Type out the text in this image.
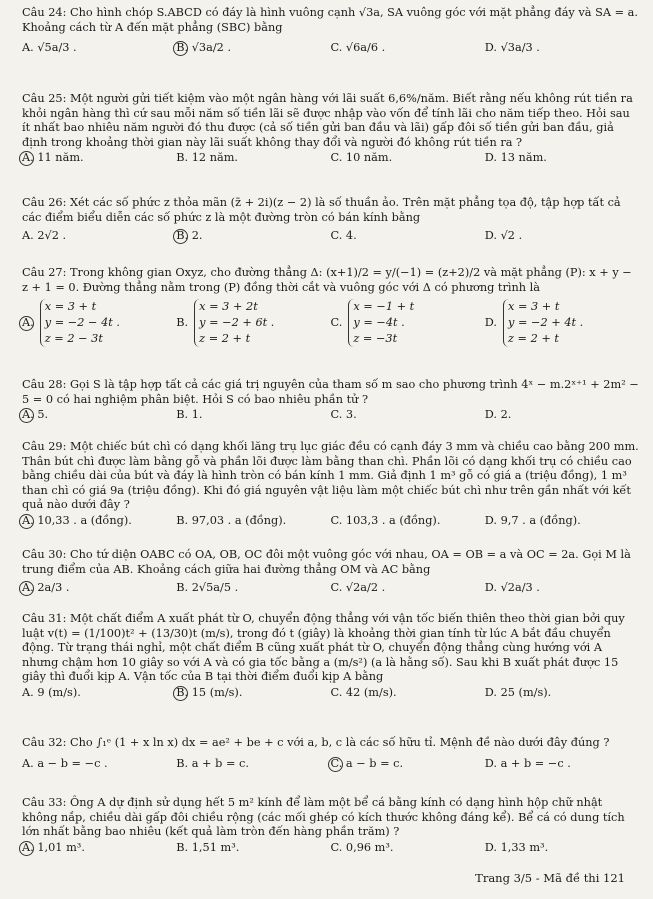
Câu 24: Cho hình chóp S.ABCD có đáy là hình vuông cạnh √3a, SA vuông góc với mặt phẳng đáy và SA = a. Khoảng cách từ A đến mặt phẳng (SBC) bằng

A. √5a/3 .	B. √3a/2 .	C. √6a/6 .	D. √3a/3 .

Câu 25: Một người gửi tiết kiệm vào một ngân hàng với lãi suất 6,6%/năm. Biết rằng nếu không rút tiền ra khỏi ngân hàng thì cứ sau mỗi năm số tiền lãi sẽ được nhập vào vốn để tính lãi cho năm tiếp theo. Hỏi sau ít nhất bao nhiêu năm người đó thu được (cả số tiền gửi ban đầu và lãi) gấp đôi số tiền gửi ban đầu, giả định trong khoảng thời gian này lãi suất không thay đổi và người đó không rút tiền ra ?

A. 11 năm.	B. 12 năm.	C. 10 năm.	D. 13 năm.

Câu 26: Xét các số phức z thỏa mãn (z̄ + 2i)(z − 2) là số thuần ảo. Trên mặt phẳng tọa độ, tập hợp tất cả các điểm biểu diễn các số phức z là một đường tròn có bán kính bằng

A. 2√2 .	B. 2.	C. 4.	D. √2 .

Câu 27: Trong không gian Oxyz, cho đường thẳng Δ: (x+1)/2 = y/(−1) = (z+2)/2 và mặt phẳng (P): x + y − z + 1 = 0. Đường thẳng nằm trong (P) đồng thời cắt và vuông góc với Δ có phương trình là

A.
x = 3 + t
y = −2 − 4t .
z = 2 − 3t
B.
x = 3 + 2t
y = −2 + 6t .
z = 2 + t
C.
x = −1 + t
y = −4t .
z = −3t
D.
x = 3 + t
y = −2 + 4t .
z = 2 + t

Câu 28: Gọi S là tập hợp tất cả các giá trị nguyên của tham số m sao cho phương trình 4ˣ − m.2ˣ⁺¹ + 2m² − 5 = 0 có hai nghiệm phân biệt. Hỏi S có bao nhiêu phần tử ?

A. 5.	B. 1.	C. 3.	D. 2.

Câu 29: Một chiếc bút chì có dạng khối lăng trụ lục giác đều có cạnh đáy 3 mm và chiều cao bằng 200 mm. Thân bút chì được làm bằng gỗ và phần lõi được làm bằng than chì. Phần lõi có dạng khối trụ có chiều cao bằng chiều dài của bút và đáy là hình tròn có bán kính 1 mm. Giả định 1 m³ gỗ có giá a (triệu đồng), 1 m³ than chì có giá 9a (triệu đồng). Khi đó giá nguyên vật liệu làm một chiếc bút chì như trên gần nhất với kết quả nào dưới đây ?

A. 10,33 . a (đồng).	B. 97,03 . a (đồng).	C. 103,3 . a (đồng).	D. 9,7 . a (đồng).

Câu 30: Cho tứ diện OABC có OA, OB, OC đôi một vuông góc với nhau, OA = OB = a và OC = 2a. Gọi M là trung điểm của AB. Khoảng cách giữa hai đường thẳng OM và AC bằng

A. 2a/3 .	B. 2√5a/5 .	C. √2a/2 .	D. √2a/3 .

Câu 31: Một chất điểm A xuất phát từ O, chuyển động thẳng với vận tốc biến thiên theo thời gian bởi quy luật v(t) = (1/100)t² + (13/30)t (m/s), trong đó t (giây) là khoảng thời gian tính từ lúc A bắt đầu chuyển động. Từ trạng thái nghỉ, một chất điểm B cũng xuất phát từ O, chuyển động thẳng cùng hướng với A nhưng chậm hơn 10 giây so với A và có gia tốc bằng a (m/s²) (a là hằng số). Sau khi B xuất phát được 15 giây thì đuổi kịp A. Vận tốc của B tại thời điểm đuổi kịp A bằng

A. 9 (m/s).	B. 15 (m/s).	C. 42 (m/s).	D. 25 (m/s).

Câu 32: Cho ∫₁ᵉ (1 + x ln x) dx = ae² + be + c với a, b, c là các số hữu tỉ. Mệnh đề nào dưới đây đúng ?

A. a − b = −c .	B. a + b = c.	C. a − b = c.	D. a + b = −c .

Câu 33: Ông A dự định sử dụng hết 5 m² kính để làm một bể cá bằng kính có dạng hình hộp chữ nhật không nắp, chiều dài gấp đôi chiều rộng (các mối ghép có kích thước không đáng kể). Bể cá có dung tích lớn nhất bằng bao nhiêu (kết quả làm tròn đến hàng phần trăm) ?

A. 1,01 m³.	B. 1,51 m³.	C. 0,96 m³.	D. 1,33 m³.
Trang 3/5 - Mã đề thi 121
